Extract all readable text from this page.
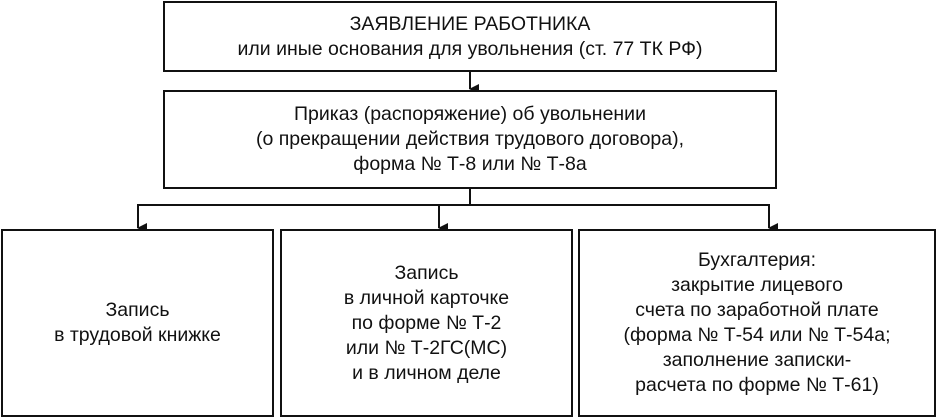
ЗАЯВЛЕНИЕ РАБОТНИКА
или иные основания для увольнения (ст. 77 ТК РФ)
Приказ (распоряжение) об увольнении
(о прекращении действия трудового договора),
форма № Т-8 или № Т-8а
Запись
в трудовой книжке
Запись
в личной карточке
по форме № Т-2
или № Т-2ГС(МС)
и в личном деле
Бухгалтерия:
закрытие лицевого
счета по заработной плате
(форма № Т-54 или № Т-54а;
заполнение записки-
расчета по форме № Т-61)
